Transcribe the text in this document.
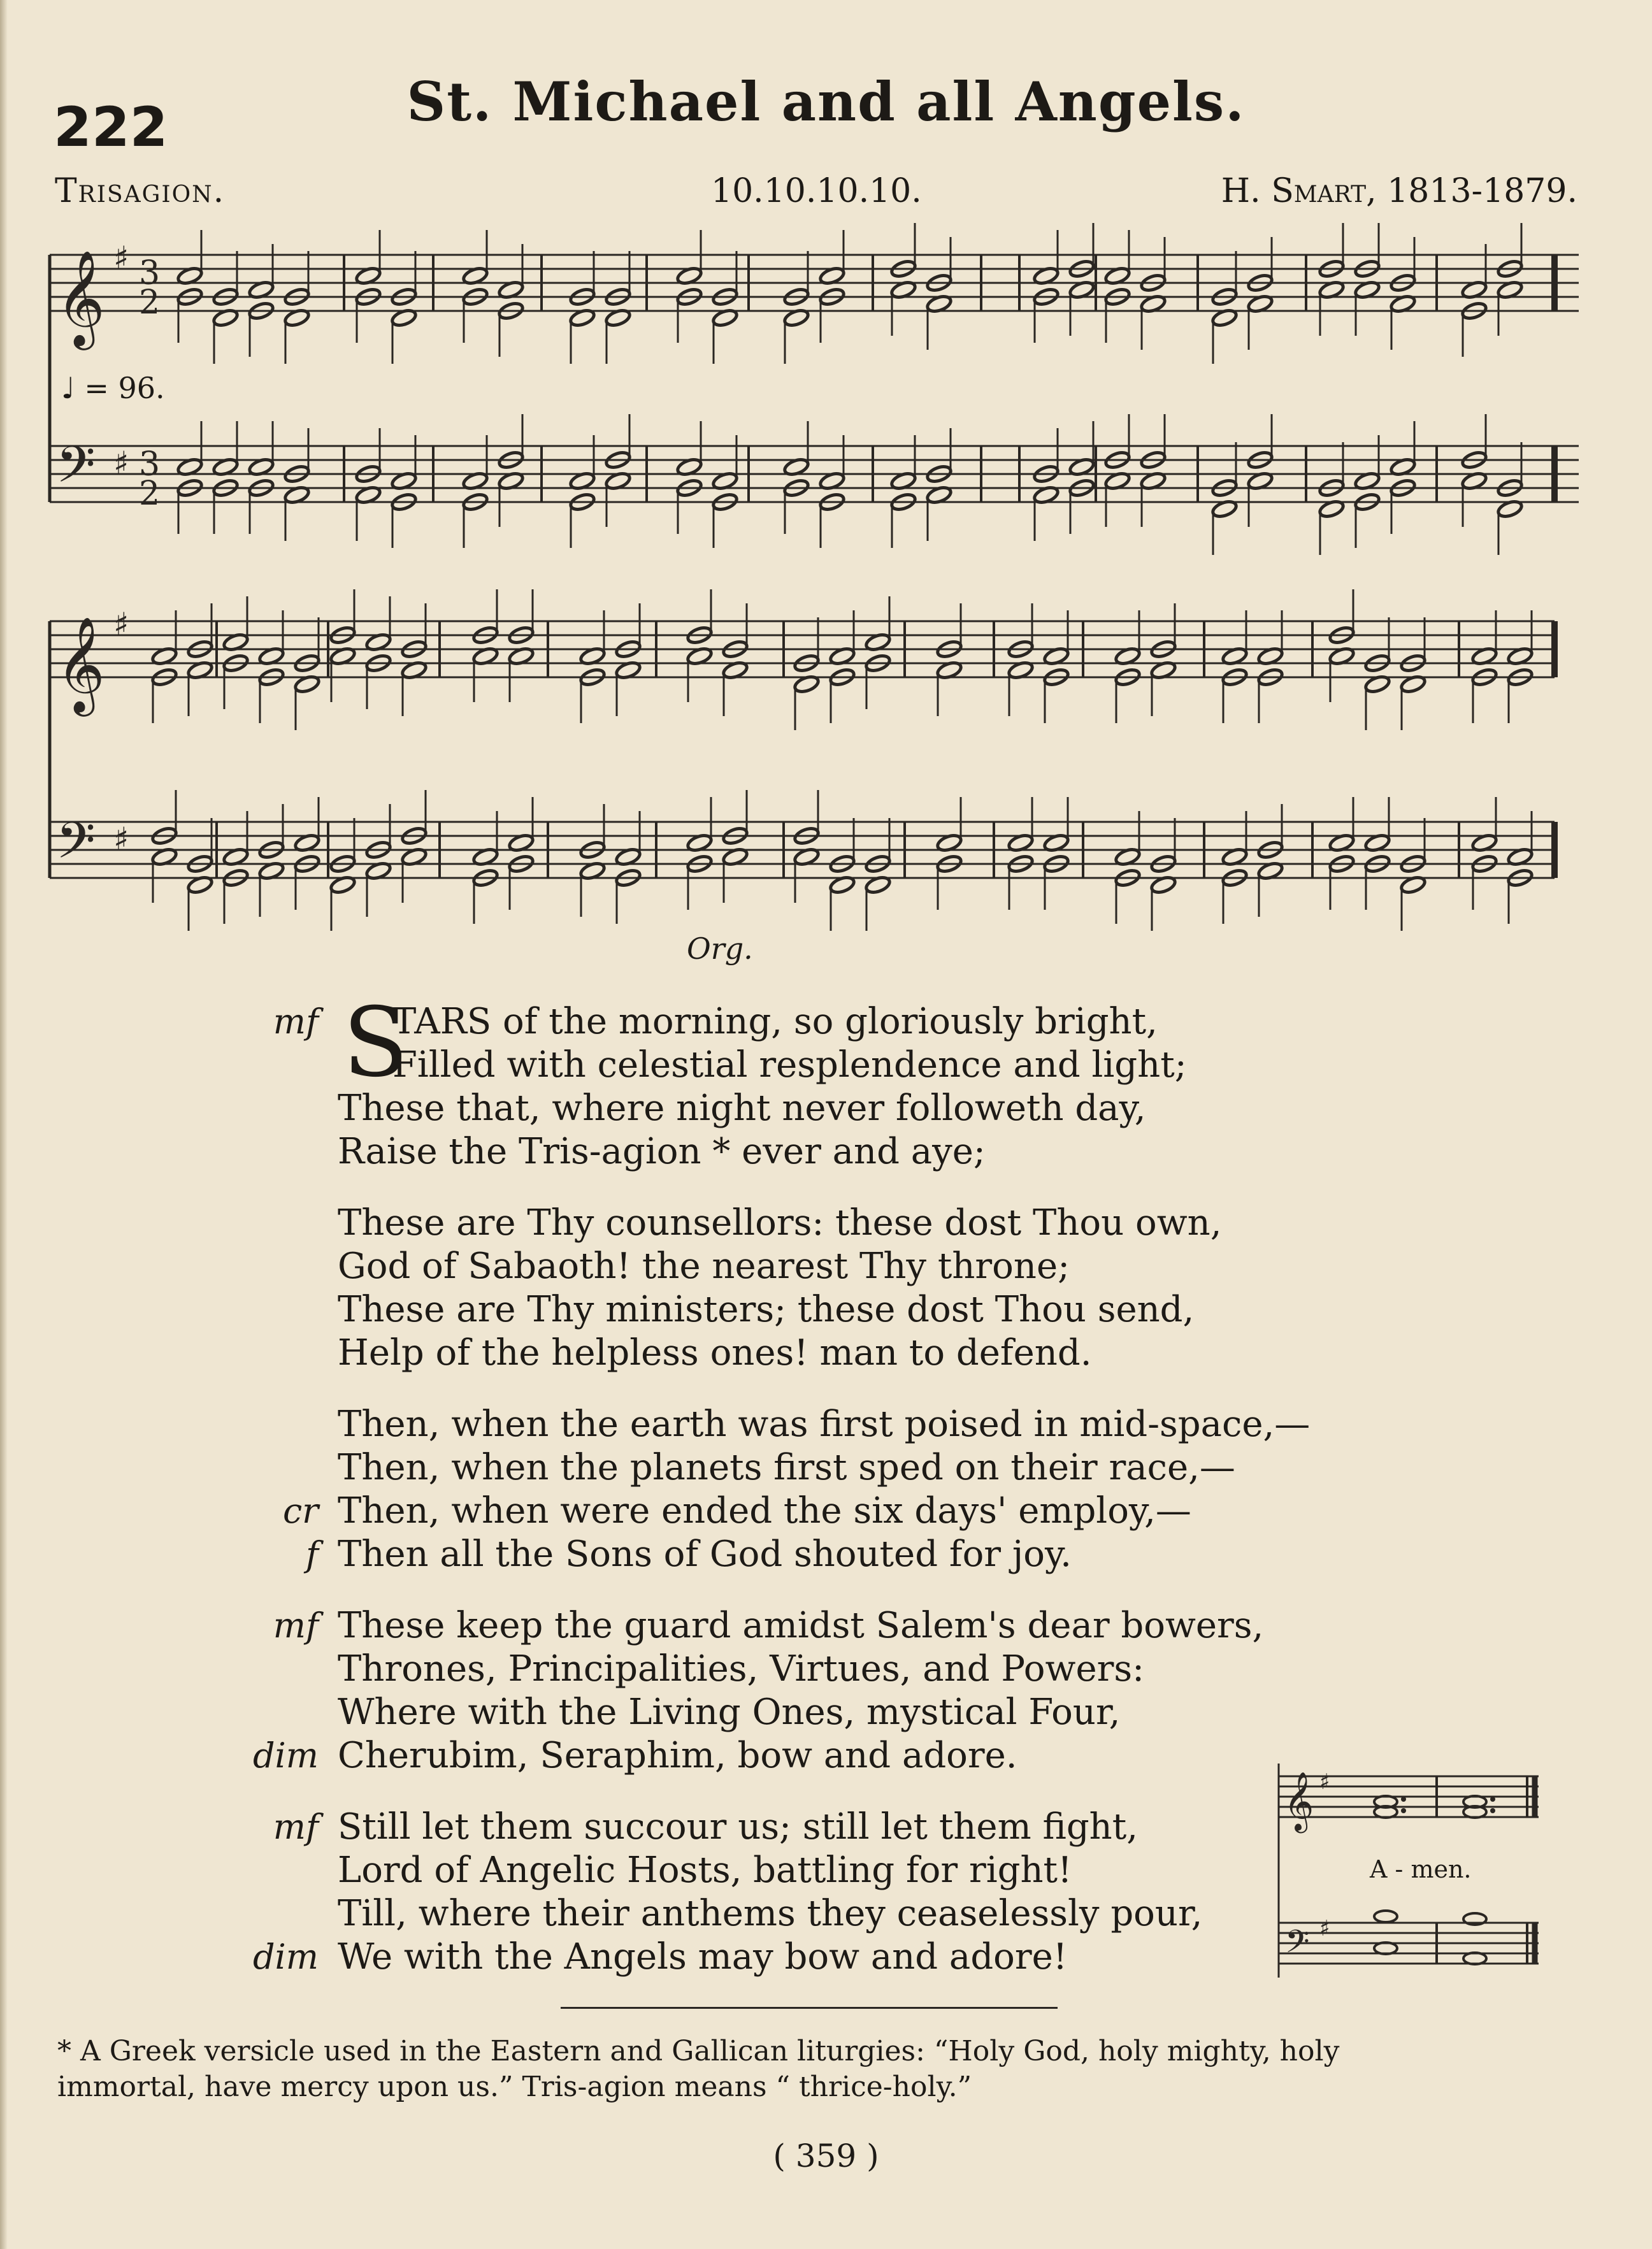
222	St. Michael and all Angels.
Trisagion.	10.10.10.10.	H. Smart, 1813-1879.
𝄞
𝄢
♯
♯
3
2
3
2
𝄞
𝄢
♯
♯
♩ = 96.
Org.
mf S
TARS of the morning, so gloriously bright,
Filled with celestial resplendence and light;
These that, where night never followeth day,
Raise the Tris-agion * ever and aye;
These are Thy counsellors: these dost Thou own,
God of Sabaoth! the nearest Thy throne;
These are Thy ministers; these dost Thou send,
Help of the helpless ones! man to defend.
Then, when the earth was first poised in mid-space,—
Then, when the planets first sped on their race,—
cr Then, when were ended the six days' employ,—
f Then all the Sons of God shouted for joy.
mf These keep the guard amidst Salem's dear bowers,
Thrones, Principalities, Virtues, and Powers:
Where with the Living Ones, mystical Four,
dim Cherubim, Seraphim, bow and adore.
mf Still let them succour us; still let them fight,
Lord of Angelic Hosts, battling for right!
Till, where their anthems they ceaselessly pour,
dim We with the Angels may bow and adore!
𝄞
𝄢
♯
♯
A - men.
* A Greek versicle used in the Eastern and Gallican liturgies: “Holy God, holy mighty, holy
immortal, have mercy upon us.” Tris-agion means “ thrice-holy.”
( 359 )
